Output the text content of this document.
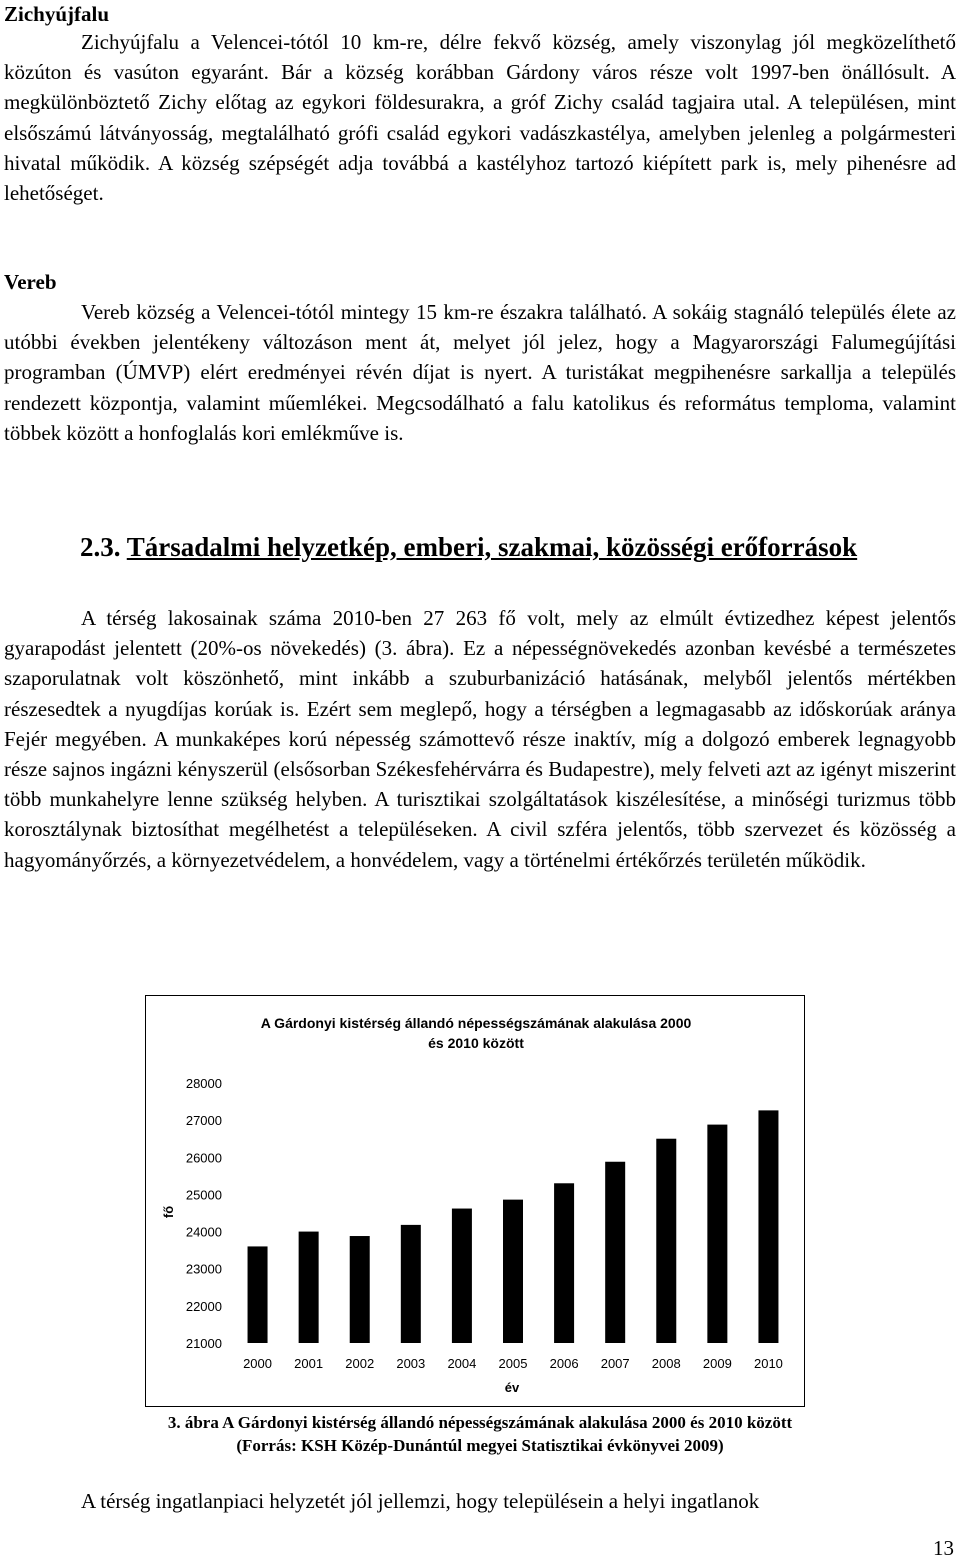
Zichyújfalu

Zichyújfalu a Velencei-tótól 10 km-re, délre fekvő község, amely viszonylag jól megközelíthető közúton és vasúton egyaránt. Bár a község korábban Gárdony város része volt 1997-ben önállósult. A megkülönböztető Zichy előtag az egykori földesurakra, a gróf Zichy család tagjaira utal. A településen, mint elsőszámú látványosság, megtalálható grófi család egykori vadászkastélya, amelyben jelenleg a polgármesteri hivatal működik. A község szépségét adja továbbá a kastélyhoz tartozó kiépített park is, mely pihenésre ad lehetőséget.

Vereb

Vereb község a Velencei-tótól mintegy 15 km-re északra található. A sokáig stagnáló település élete az utóbbi években jelentékeny változáson ment át, melyet jól jelez, hogy a Magyarországi Falumegújítási programban (ÚMVP) elért eredményei révén díjat is nyert. A turistákat megpihenésre sarkallja a település rendezett központja, valamint műemlékei. Megcsodálható a falu katolikus és református temploma, valamint többek között a honfoglalás kori emlékműve is.

2.3. Társadalmi helyzetkép, emberi, szakmai, közösségi erőforrások

A térség lakosainak száma 2010-ben 27 263 fő volt, mely az elmúlt évtizedhez képest jelentős gyarapodást jelentett (20%-os növekedés) (3. ábra). Ez a népességnövekedés azonban kevésbé a természetes szaporulatnak volt köszönhető, mint inkább a szuburbanizáció hatásának, melyből jelentős mértékben részesedtek a nyugdíjas korúak is. Ezért sem meglepő, hogy a térségben a legmagasabb az időskorúak aránya Fejér megyében. A munkaképes korú népesség számottevő része inaktív, míg a dolgozó emberek legnagyobb része sajnos ingázni kényszerül (elsősorban Székesfehérvárra és Budapestre), mely felveti azt az igényt miszerint több munkahelyre lenne szükség helyben. A turisztikai szolgáltatások kiszélesítése, a minőségi turizmus több korosztálynak biztosíthat megélhetést a településeken. A civil szféra jelentős, több szervezet és közösség a hagyományőrzés, a környezetvédelem, a honvédelem, vagy a történelmi értékőrzés területén működik.

A Gárdonyi kistérség állandó népességszámának alakulása 2000
és 2010 között
fő
év
28000
27000
26000
25000
24000
23000
22000
21000
2000 2001 2002 2003 2004 2005 2006 2007 2008 2009 2010

3. ábra A Gárdonyi kistérség állandó népességszámának alakulása 2000 és 2010 között

(Forrás: KSH Közép-Dunántúl megyei Statisztikai évkönyvei 2009)

A térség ingatlanpiaci helyzetét jól jellemzi, hogy településein a helyi ingatlanok

13
